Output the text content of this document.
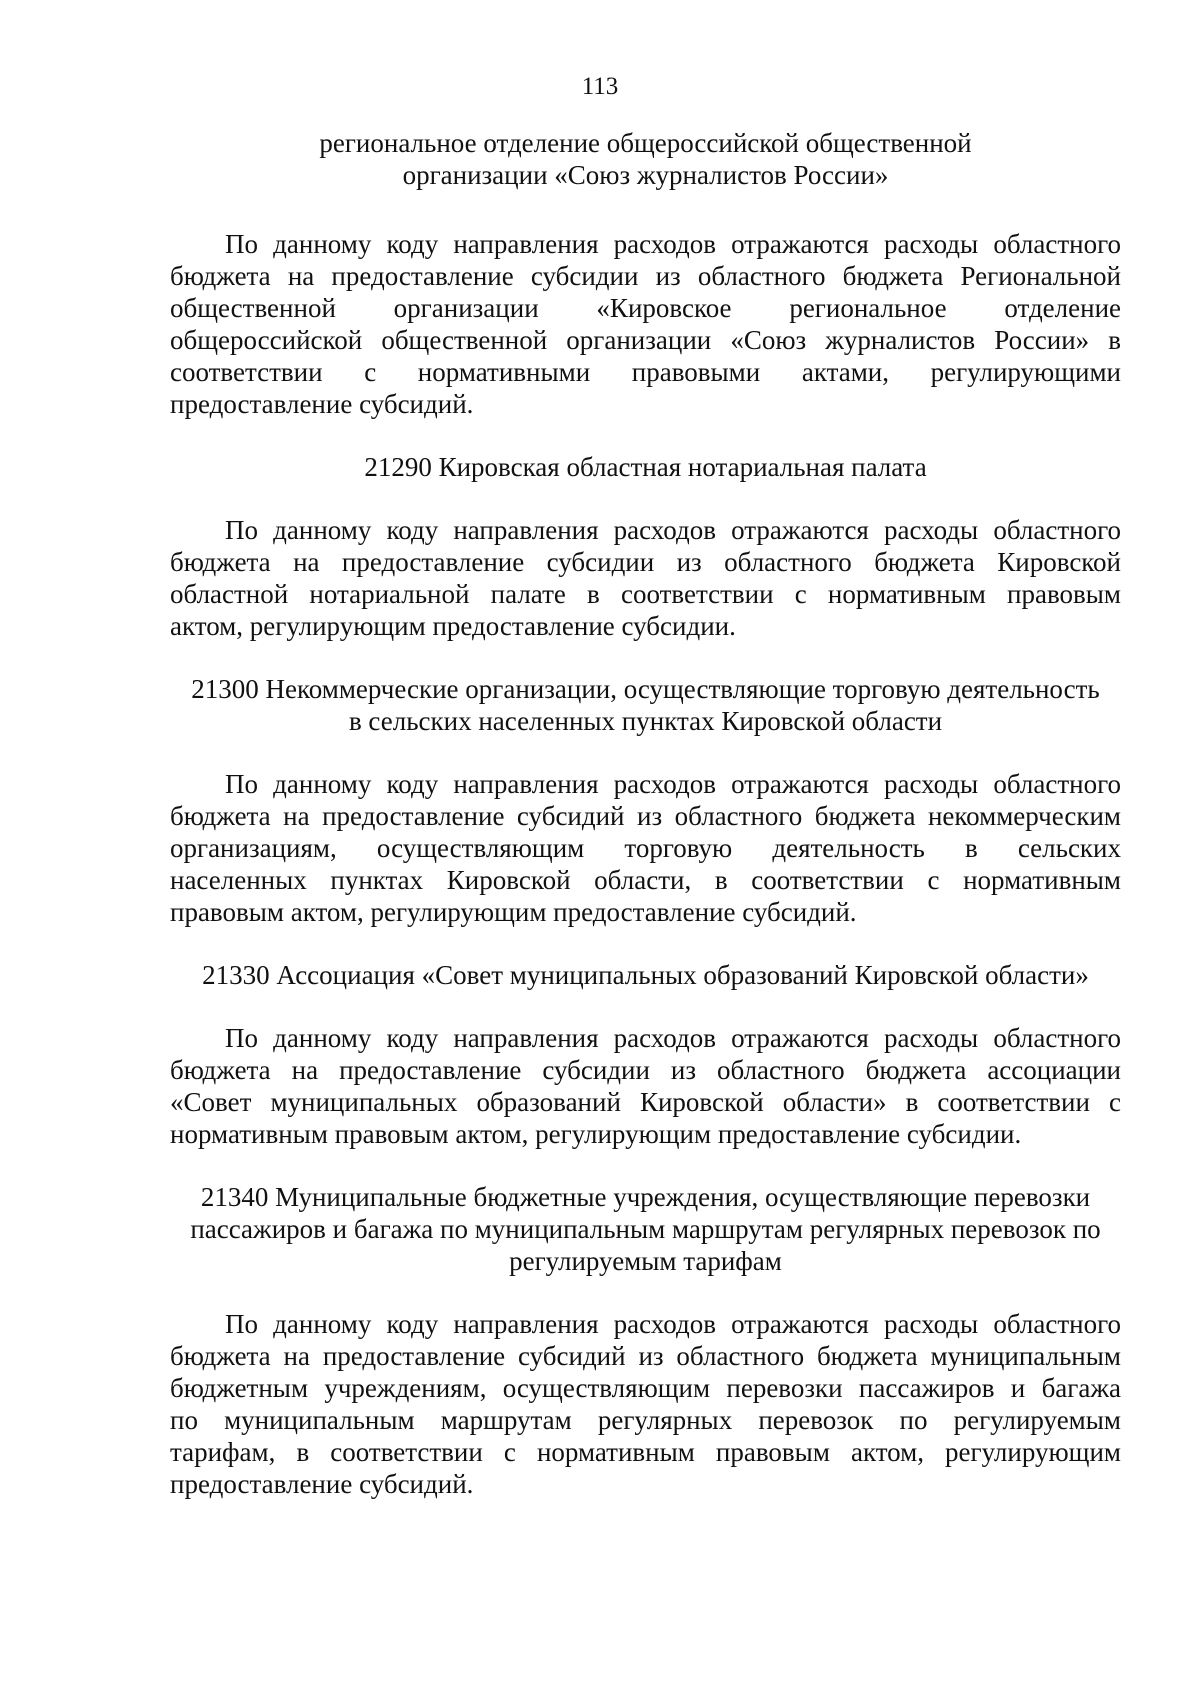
113
региональное отделение общероссийской общественной
организации «Союз журналистов России»
По данному коду направления расходов отражаются расходы областного
бюджета на предоставление субсидии из областного бюджета Региональной
общественной организации «Кировское региональное отделение
общероссийской общественной организации «Союз журналистов России» в
соответствии с нормативными правовыми актами, регулирующими
предоставление субсидий.
21290 Кировская областная нотариальная палата
По данному коду направления расходов отражаются расходы областного
бюджета на предоставление субсидии из областного бюджета Кировской
областной нотариальной палате в соответствии с нормативным правовым
актом, регулирующим предоставление субсидии.
21300 Некоммерческие организации, осуществляющие торговую деятельность
в сельских населенных пунктах Кировской области
По данному коду направления расходов отражаются расходы областного
бюджета на предоставление субсидий из областного бюджета некоммерческим
организациям, осуществляющим торговую деятельность в сельских
населенных пунктах Кировской области, в соответствии с нормативным
правовым актом, регулирующим предоставление субсидий.
21330 Ассоциация «Совет муниципальных образований Кировской области»
По данному коду направления расходов отражаются расходы областного
бюджета на предоставление субсидии из областного бюджета ассоциации
«Совет муниципальных образований Кировской области» в соответствии с
нормативным правовым актом, регулирующим предоставление субсидии.
21340 Муниципальные бюджетные учреждения, осуществляющие перевозки
пассажиров и багажа по муниципальным маршрутам регулярных перевозок по
регулируемым тарифам
По данному коду направления расходов отражаются расходы областного
бюджета на предоставление субсидий из областного бюджета муниципальным
бюджетным учреждениям, осуществляющим перевозки пассажиров и багажа
по муниципальным маршрутам регулярных перевозок по регулируемым
тарифам, в соответствии с нормативным правовым актом, регулирующим
предоставление субсидий.
